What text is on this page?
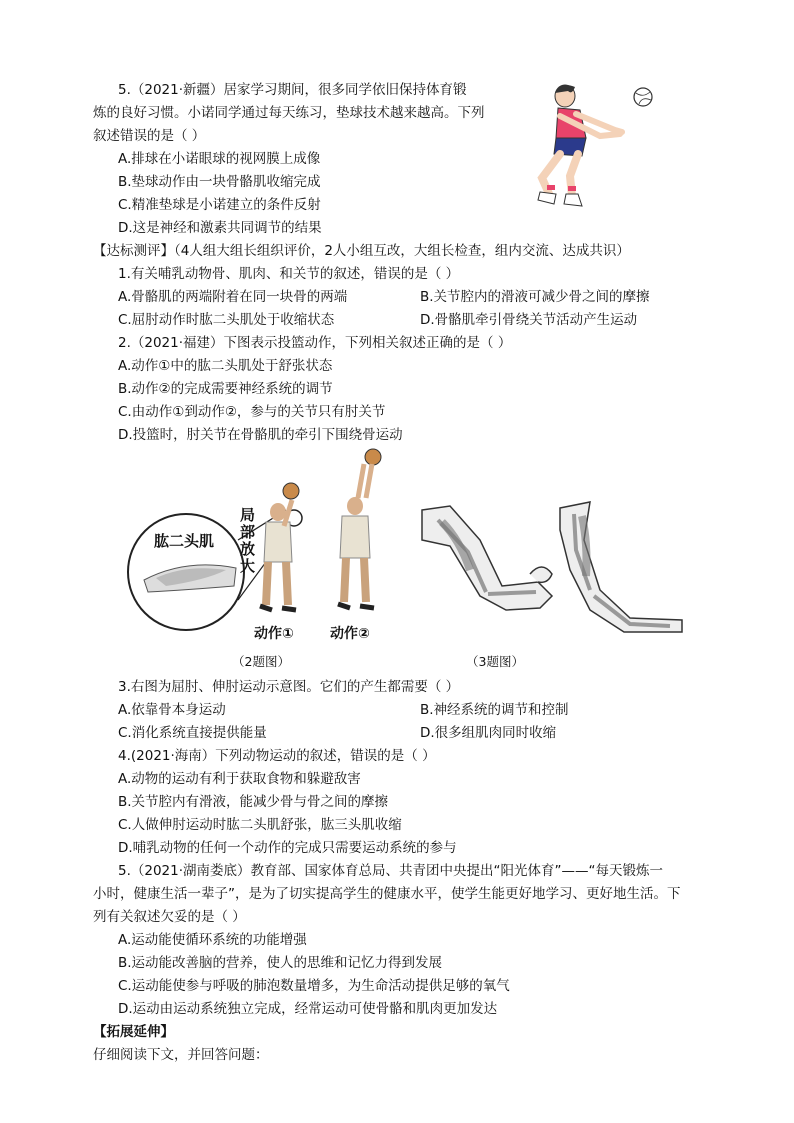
5.（2021·新疆）居家学习期间，很多同学依旧保持体育锻
炼的良好习惯。小诺同学通过每天练习，垫球技术越来越高。下列
叙述错误的是（ ）
A.排球在小诺眼球的视网膜上成像
B.垫球动作由一块骨骼肌收缩完成
C.精准垫球是小诺建立的条件反射
D.这是神经和激素共同调节的结果
【达标测评】（4人组大组长组织评价，2人小组互改，大组长检查，组内交流、达成共识）
1.有关哺乳动物骨、肌肉、和关节的叙述，错误的是（ ）
A.骨骼肌的两端附着在同一块骨的两端	B.关节腔内的滑液可减少骨之间的摩擦
C.屈肘动作时肱二头肌处于收缩状态	D.骨骼肌牵引骨绕关节活动产生运动
2.（2021·福建）下图表示投篮动作，下列相关叙述正确的是（ ）
A.动作①中的肱二头肌处于舒张状态
B.动作②的完成需要神经系统的调节
C.由动作①到动作②，参与的关节只有肘关节
D.投篮时，肘关节在骨骼肌的牵引下围绕骨运动
肱二头肌
局
部
放
大
动作①	动作②
（2题图）	（3题图）
3.右图为屈肘、伸肘运动示意图。它们的产生都需要（ ）
A.依靠骨本身运动	B.神经系统的调节和控制
C.消化系统直接提供能量	D.很多组肌肉同时收缩
4.(2021·海南）下列动物运动的叙述，错误的是（ ）
A.动物的运动有利于获取食物和躲避敌害
B.关节腔内有滑液，能减少骨与骨之间的摩擦
C.人做伸肘运动时肱二头肌舒张，肱三头肌收缩
D.哺乳动物的任何一个动作的完成只需要运动系统的参与
5.（2021·湖南娄底）教育部、国家体育总局、共青团中央提出“阳光体育”——“每天锻炼一
小时，健康生活一辈子”，是为了切实提高学生的健康水平，使学生能更好地学习、更好地生活。下
列有关叙述欠妥的是（ ）
A.运动能使循环系统的功能增强
B.运动能改善脑的营养，使人的思维和记忆力得到发展
C.运动能使参与呼吸的肺泡数量增多，为生命活动提供足够的氧气
D.运动由运动系统独立完成，经常运动可使骨骼和肌肉更加发达
【拓展延伸】
仔细阅读下文，并回答问题：
